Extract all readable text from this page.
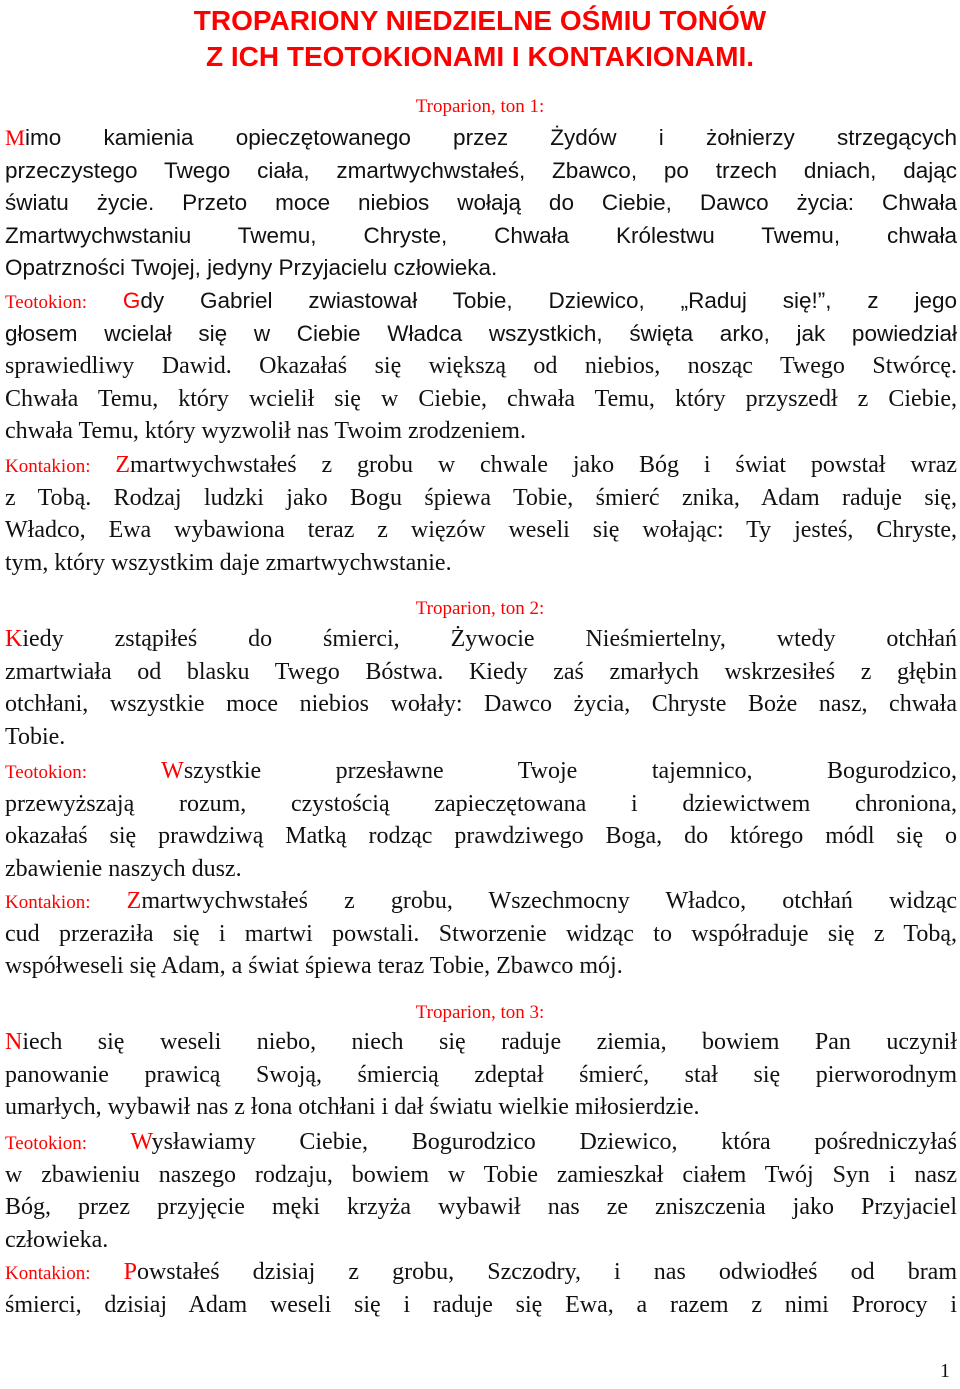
TROPARIONY NIEDZIELNE OŚMIU TONÓW
Z ICH TEOTOKIONAMI I KONTAKIONAMI.
Troparion, ton 1:
Mimo kamienia opieczętowanego przez Żydów i żołnierzy strzegących
przeczystego Twego ciała, zmartwychwstałeś, Zbawco, po trzech dniach, dając
światu życie. Przeto moce niebios wołają do Ciebie, Dawco życia: Chwała
Zmartwychwstaniu Twemu, Chryste, Chwała Królestwu Twemu, chwała
Opatrzności Twojej, jedyny Przyjacielu człowieka.
Teotokion: Gdy Gabriel zwiastował Tobie, Dziewico, „Raduj się!”, z jego
głosem wcielał się w Ciebie Władca wszystkich, święta arko, jak powiedział
sprawiedliwy Dawid. Okazałaś się większą od niebios, nosząc Twego Stwórcę.
Chwała Temu, który wcielił się w Ciebie, chwała Temu, który przyszedł z Ciebie,
chwała Temu, który wyzwolił nas Twoim zrodzeniem.
Kontakion: Zmartwychwstałeś z grobu w chwale jako Bóg i świat powstał wraz
z Tobą. Rodzaj ludzki jako Bogu śpiewa Tobie, śmierć znika, Adam raduje się,
Władco, Ewa wybawiona teraz z więzów weseli się wołając: Ty jesteś, Chryste,
tym, który wszystkim daje zmartwychwstanie.
Troparion, ton 2:
Kiedy zstąpiłeś do śmierci, Żywocie Nieśmiertelny, wtedy otchłań
zmartwiała od blasku Twego Bóstwa. Kiedy zaś zmarłych wskrzesiłeś z głębin
otchłani, wszystkie moce niebios wołały: Dawco życia, Chryste Boże nasz, chwała
Tobie.
Teotokion:	Wszystkie przesławne Twoje tajemnico, Bogurodzico,
przewyższają rozum, czystością zapieczętowana i dziewictwem chroniona,
okazałaś się prawdziwą Matką rodząc prawdziwego Boga, do którego módl się o
zbawienie naszych dusz.
Kontakion: Zmartwychwstałeś z grobu, Wszechmocny Władco, otchłań widząc
cud przeraziła się i martwi powstali. Stworzenie widząc to współraduje się z Tobą,
współweseli się Adam, a świat śpiewa teraz Tobie, Zbawco mój.
Troparion, ton 3:
Niech się weseli niebo, niech się raduje ziemia, bowiem Pan uczynił
panowanie prawicą Swoją, śmiercią zdeptał śmierć, stał się pierworodnym
umarłych, wybawił nas z łona otchłani i dał światu wielkie miłosierdzie.
Teotokion: Wysławiamy Ciebie, Bogurodzico Dziewico, która pośredniczyłaś
w zbawieniu naszego rodzaju, bowiem w Tobie zamieszkał ciałem Twój Syn i nasz
Bóg, przez przyjęcie męki krzyża wybawił nas ze zniszczenia jako Przyjaciel
człowieka.
Kontakion: Powstałeś dzisiaj z grobu, Szczodry, i nas odwiodłeś od bram
śmierci, dzisiaj Adam weseli się i raduje się Ewa, a razem z nimi Prorocy i
1
